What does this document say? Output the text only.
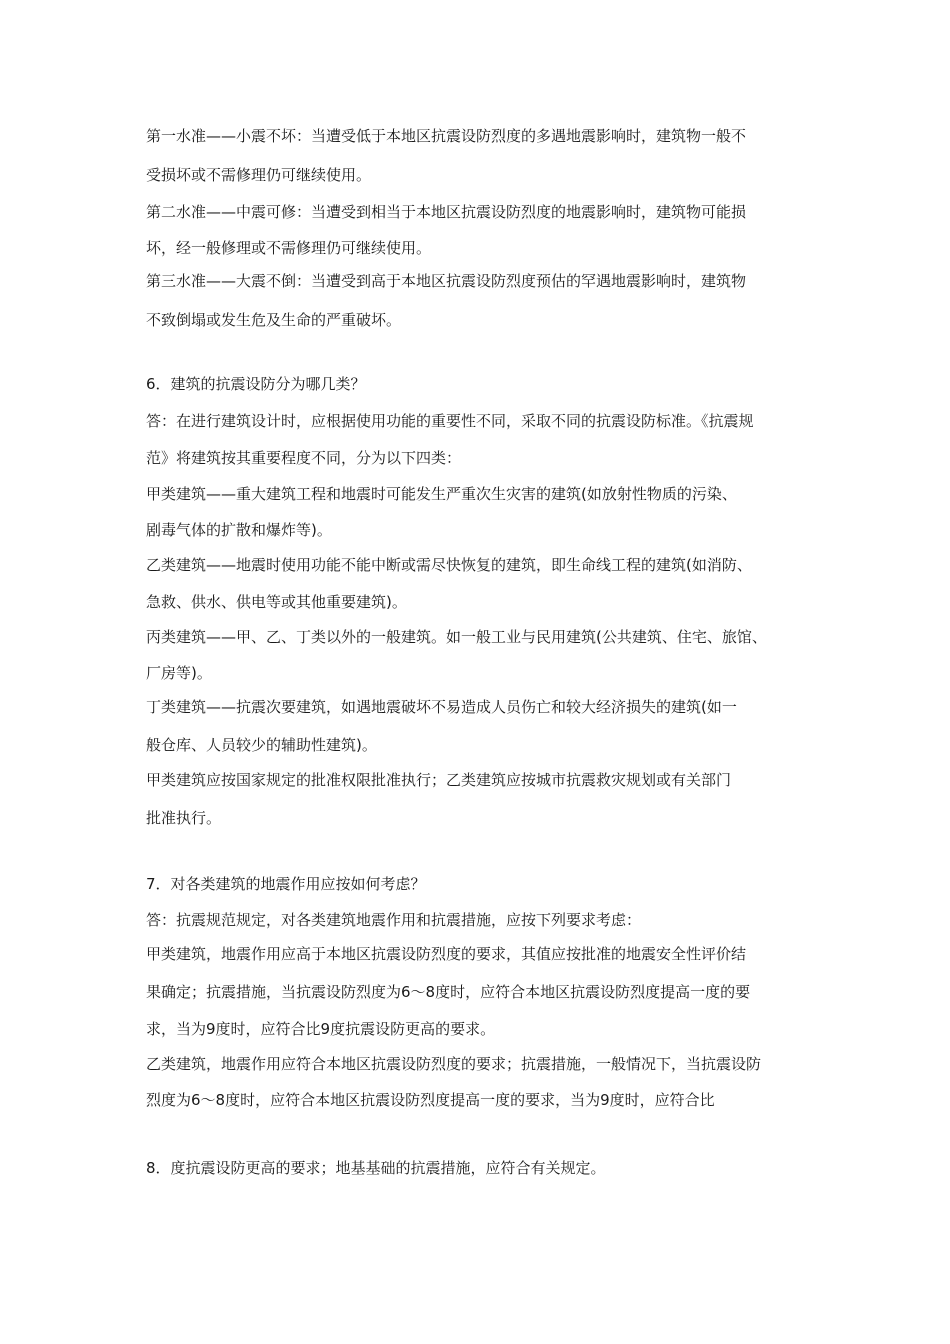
第一水准——小震不坏：当遭受低于本地区抗震设防烈度的多遇地震影响时，建筑物一般不
受损坏或不需修理仍可继续使用。
第二水准——中震可修：当遭受到相当于本地区抗震设防烈度的地震影响时，建筑物可能损
坏，经一般修理或不需修理仍可继续使用。
第三水准——大震不倒：当遭受到高于本地区抗震设防烈度预估的罕遇地震影响时，建筑物
不致倒塌或发生危及生命的严重破坏。
6．建筑的抗震设防分为哪几类？
答：在进行建筑设计时，应根据使用功能的重要性不同，采取不同的抗震设防标准。《抗震规
范》将建筑按其重要程度不同，分为以下四类：
甲类建筑——重大建筑工程和地震时可能发生严重次生灾害的建筑(如放射性物质的污染、
剧毒气体的扩散和爆炸等)。
乙类建筑——地震时使用功能不能中断或需尽快恢复的建筑，即生命线工程的建筑(如消防、
急救、供水、供电等或其他重要建筑)。
丙类建筑——甲、乙、丁类以外的一般建筑。如一般工业与民用建筑(公共建筑、住宅、旅馆、
厂房等)。
丁类建筑——抗震次要建筑，如遇地震破坏不易造成人员伤亡和较大经济损失的建筑(如一
般仓库、人员较少的辅助性建筑)。
甲类建筑应按国家规定的批准权限批准执行；乙类建筑应按城市抗震救灾规划或有关部门
批准执行。
7．对各类建筑的地震作用应按如何考虑？
答：抗震规范规定，对各类建筑地震作用和抗震措施，应按下列要求考虑：
甲类建筑，地震作用应高于本地区抗震设防烈度的要求，其值应按批准的地震安全性评价结
果确定；抗震措施，当抗震设防烈度为6～8度时，应符合本地区抗震设防烈度提高一度的要
求，当为9度时，应符合比9度抗震设防更高的要求。
乙类建筑，地震作用应符合本地区抗震设防烈度的要求；抗震措施，一般情况下，当抗震设防
烈度为6～8度时，应符合本地区抗震设防烈度提高一度的要求，当为9度时，应符合比
8．度抗震设防更高的要求；地基基础的抗震措施，应符合有关规定。
